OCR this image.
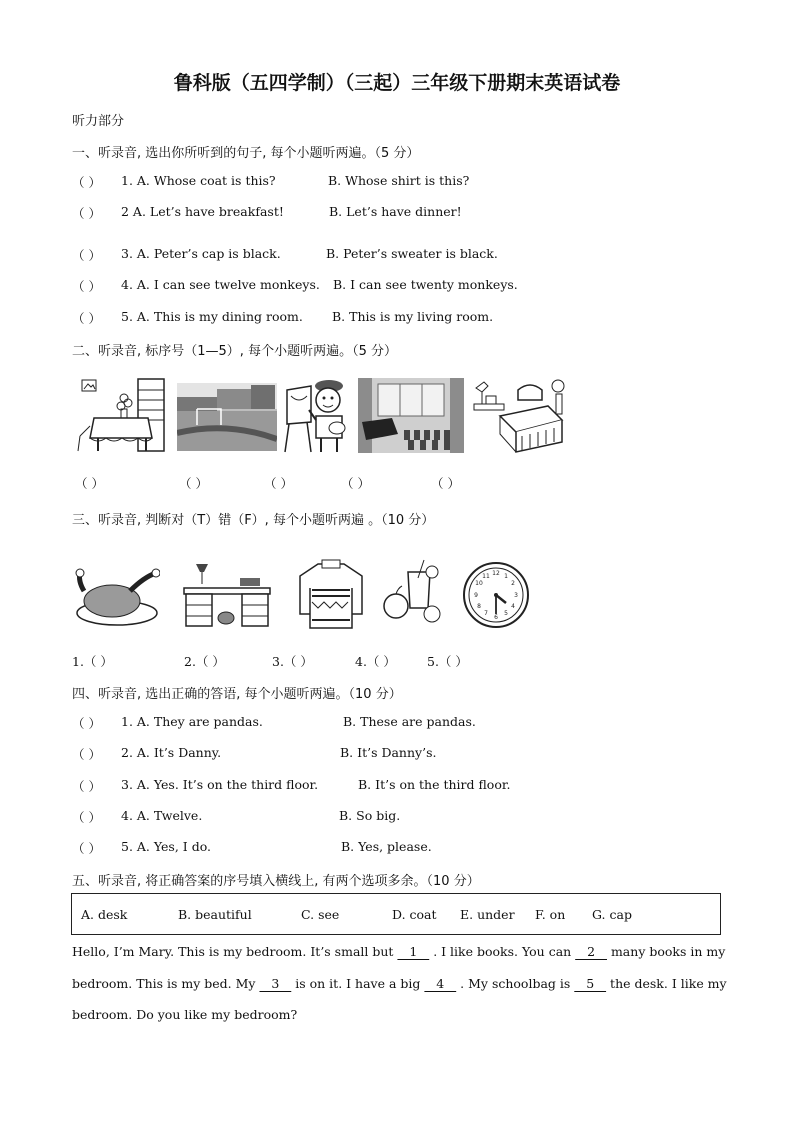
鲁科版（五四学制）（三起）三年级下册期末英语试卷
听力部分
一、听录音, 选出你所听到的句子, 每个小题听两遍。（5 分）
（ ） 1. A. Whose coat is this?	B. Whose shirt is this?
（ ） 2 A. Let’s have breakfast!	B. Let’s have dinner!
（ ） 3. A. Peter’s cap is black.	B. Peter’s sweater is black.
（ ） 4. A. I can see twelve monkeys. B. I can see twenty monkeys.
（ ） 5. A. This is my dining room. B. This is my living room.
二、听录音, 标序号（1—5）, 每个小题听两遍。（5 分）
（ ）	（ ）	（ ）	（ ）	（ ）
三、听录音, 判断对（T）错（F）, 每个小题听两遍 。（10 分）
12 1
2
3
4
5
6
7
8
9
10
11
1.（ ）	2.（ ）	3.（ ）	4.（ ） 5.（ ）
四、听录音, 选出正确的答语, 每个小题听两遍。（10 分）
（ ） 1. A. They are pandas.	B. These are pandas.
（ ） 2. A. It’s Danny.	B. It’s Danny’s.
（ ） 3. A. Yes. It’s on the third floor.	B. It’s on the third floor.
（ ） 4. A. Twelve.	B. So big.
（ ） 5. A. Yes, I do.	B. Yes, please.
五、听录音, 将正确答案的序号填入横线上, 有两个选项多余。（10 分）
A. desk	B. beautiful	C. see	D. coat E. under F. on G. cap
Hello, I’m Mary. This is my bedroom. It’s small but    1    . I like books. You can    2    many books in my
bedroom. This is my bed. My    3    is on it. I have a big    4    . My schoolbag is    5    the desk. I like my
bedroom. Do you like my bedroom?
